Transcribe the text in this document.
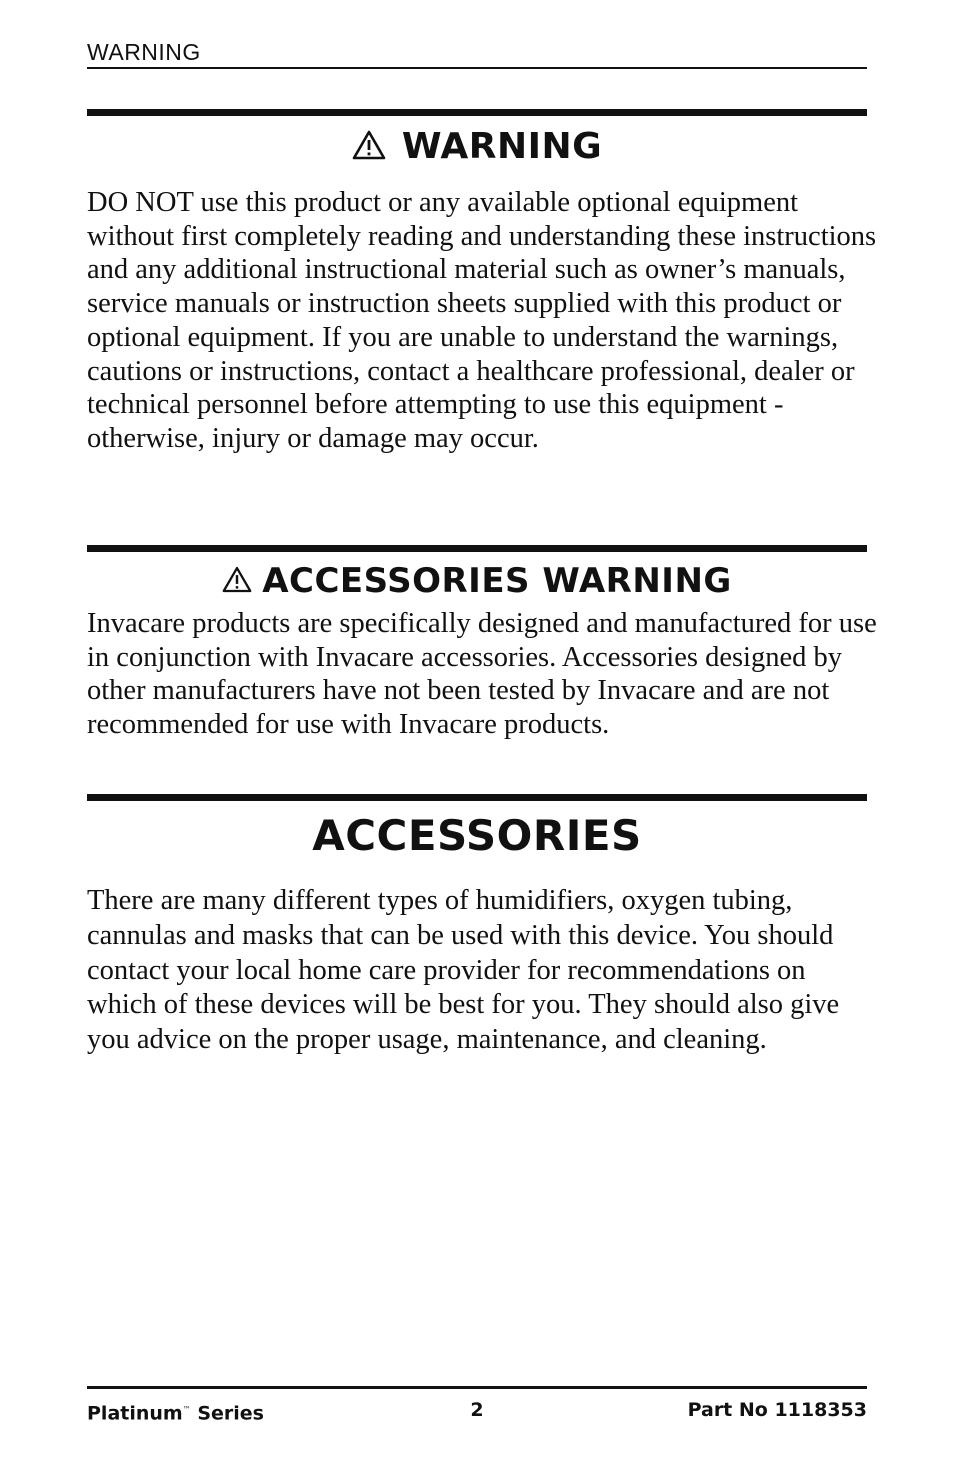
WARNING
WARNING

DO NOT use this product or any available optional equipment without first completely reading and understanding these instructions and any additional instructional material such as owner’s manuals, service manuals or instruction sheets supplied with this product or optional equipment. If you are unable to understand the warnings, cautions or instructions, contact a healthcare professional, dealer or technical personnel before attempting to use this equipment - otherwise, injury or damage may occur.

ACCESSORIES WARNING

Invacare products are specifically designed and manufactured for use in conjunction with Invacare accessories. Accessories designed by other manufacturers have not been tested by Invacare and are not recommended for use with Invacare products.

ACCESSORIES

There are many different types of humidifiers, oxygen tubing, cannulas and masks that can be used with this device. You should contact your local home care provider for recommendations on which of these devices will be best for you. They should also give you advice on the proper usage, maintenance, and cleaning.

Platinum™ Series	2	Part No 1118353
